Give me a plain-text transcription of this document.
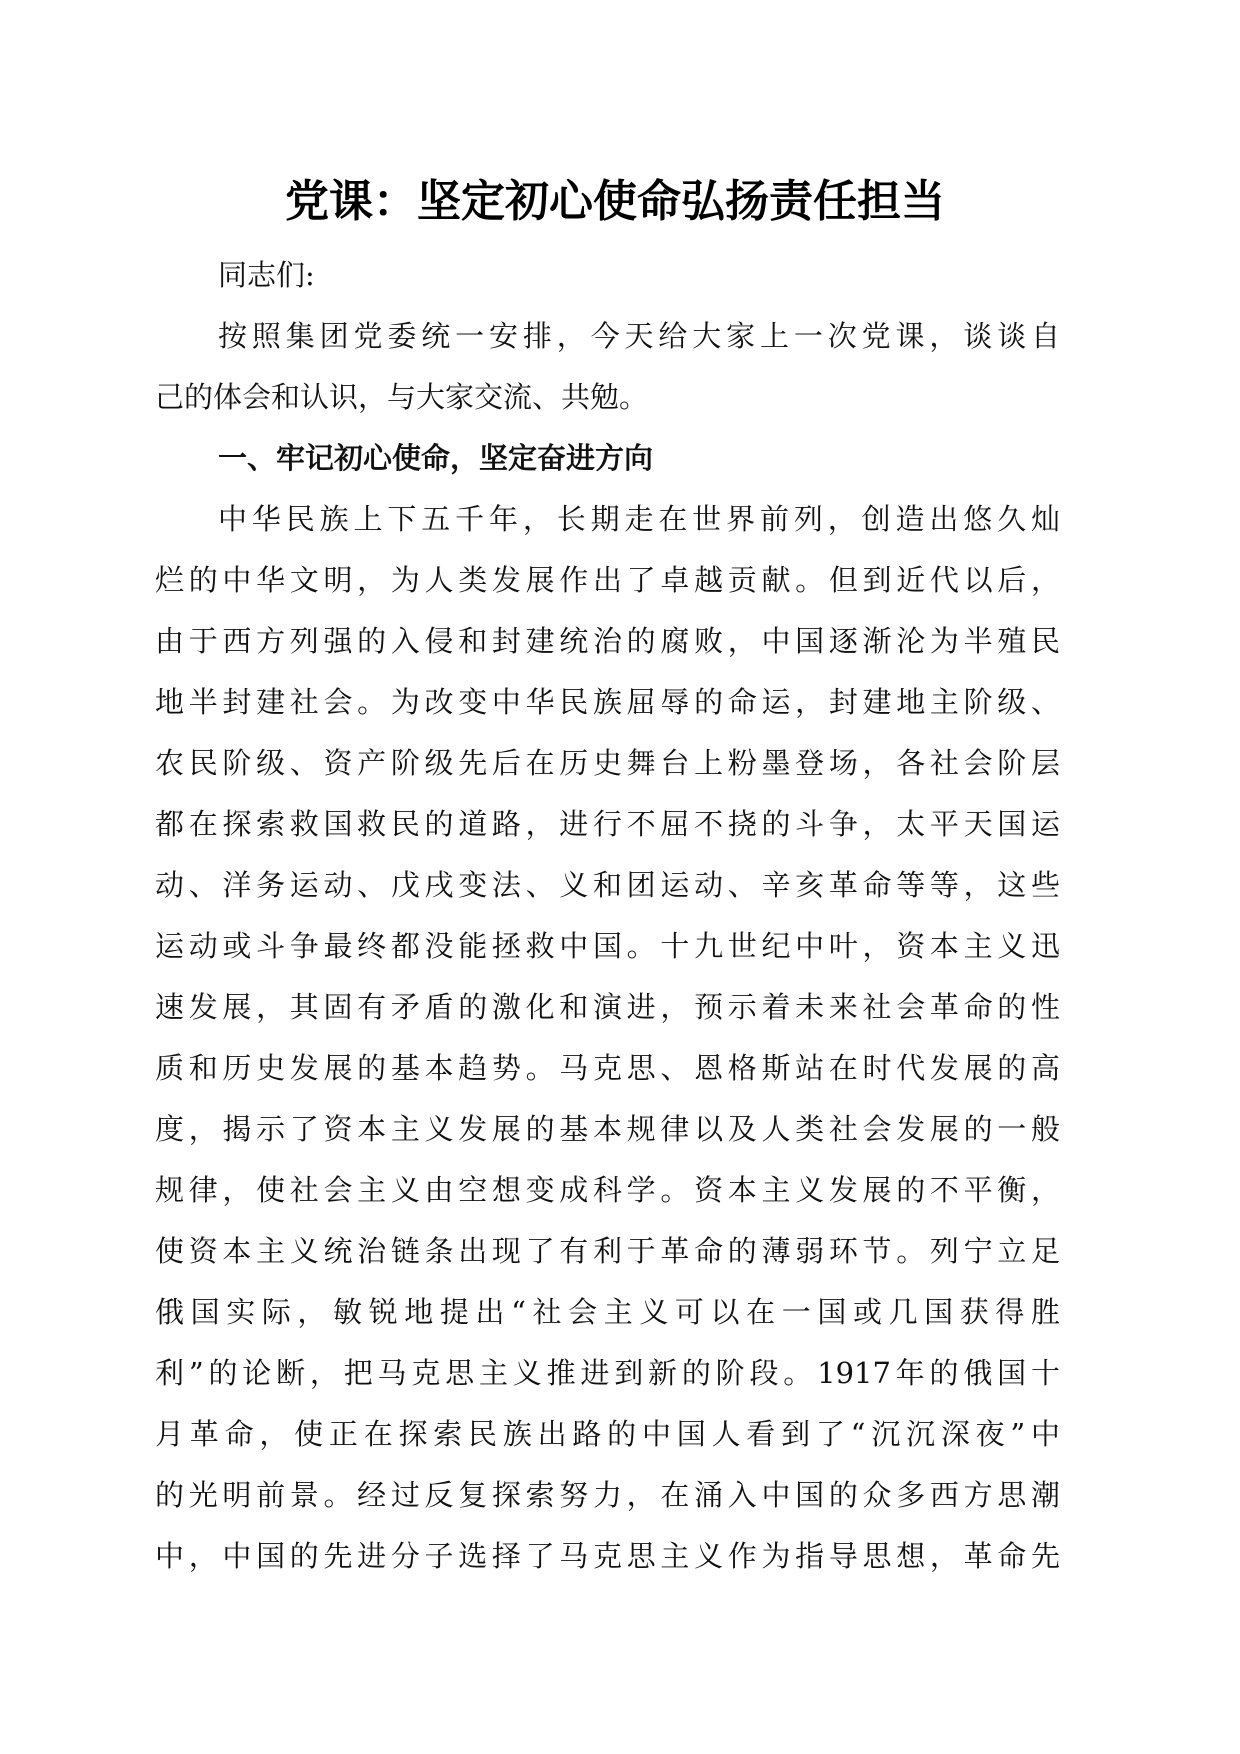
党课：坚定初心使命弘扬责任担当
同志们:
按照集团党委统一安排，今天给大家上一次党课，谈谈自
己的体会和认识，与大家交流、共勉。
一、牢记初心使命，坚定奋进方向
中华民族上下五千年，长期走在世界前列，创造出悠久灿
烂的中华文明，为人类发展作出了卓越贡献。但到近代以后，
由于西方列强的入侵和封建统治的腐败，中国逐渐沦为半殖民
地半封建社会。为改变中华民族屈辱的命运，封建地主阶级、
农民阶级、资产阶级先后在历史舞台上粉墨登场，各社会阶层
都在探索救国救民的道路，进行不屈不挠的斗争，太平天国运
动、洋务运动、戊戌变法、义和团运动、辛亥革命等等，这些
运动或斗争最终都没能拯救中国。十九世纪中叶，资本主义迅
速发展，其固有矛盾的激化和演进，预示着未来社会革命的性
质和历史发展的基本趋势。马克思、恩格斯站在时代发展的高
度，揭示了资本主义发展的基本规律以及人类社会发展的一般
规律，使社会主义由空想变成科学。资本主义发展的不平衡，
使资本主义统治链条出现了有利于革命的薄弱环节。列宁立足
俄国实际，敏锐地提出“社会主义可以在一国或几国获得胜
利”的论断，把马克思主义推进到新的阶段。1917年的俄国十
月革命，使正在探索民族出路的中国人看到了“沉沉深夜”中
的光明前景。经过反复探索努力，在涌入中国的众多西方思潮
中，中国的先进分子选择了马克思主义作为指导思想，革命先
